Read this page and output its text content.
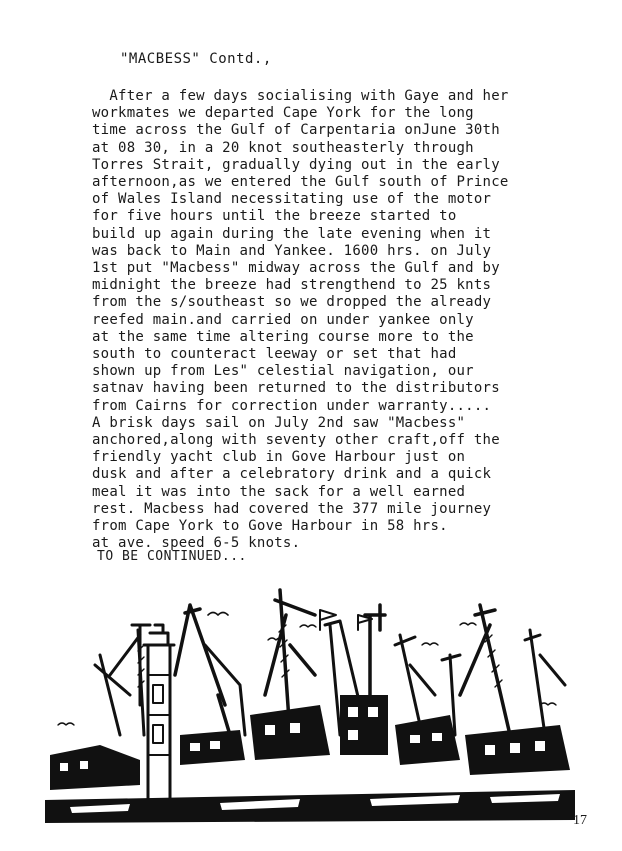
"MACBESS" Contd.,
After a few days socialising with Gaye and her
workmates we departed Cape York for the long
time across the Gulf of Carpentaria onJune 30th
at 08 30, in a 20 knot southeasterly through
Torres Strait, gradually dying out in the early
afternoon,as we entered the Gulf south of Prince
of Wales Island necessitating use of the motor
for five hours until the breeze started to
build up again during the late evening when it
was back to Main and Yankee. 1600 hrs. on July
1st put "Macbess" midway across the Gulf and by
midnight the breeze had strengthend to 25 knts
from the s/southeast so we dropped the already
reefed main.and carried on under yankee only
at the same time altering course more to the
south to counteract leeway or set that had
shown up from Les" celestial navigation, our
satnav having been returned to the distributors
from Cairns for correction under warranty.....
A brisk days sail on July 2nd saw "Macbess"
anchored,along with seventy other craft,off the
friendly yacht club in Gove Harbour just on
dusk and after a celebratory drink and a quick
meal it was into the sack for a well earned
rest. Macbess had covered the 377 mile journey
from Cape York to Gove Harbour in 58 hrs.
at ave. speed 6-5 knots.
TO BE CONTINUED...
17
